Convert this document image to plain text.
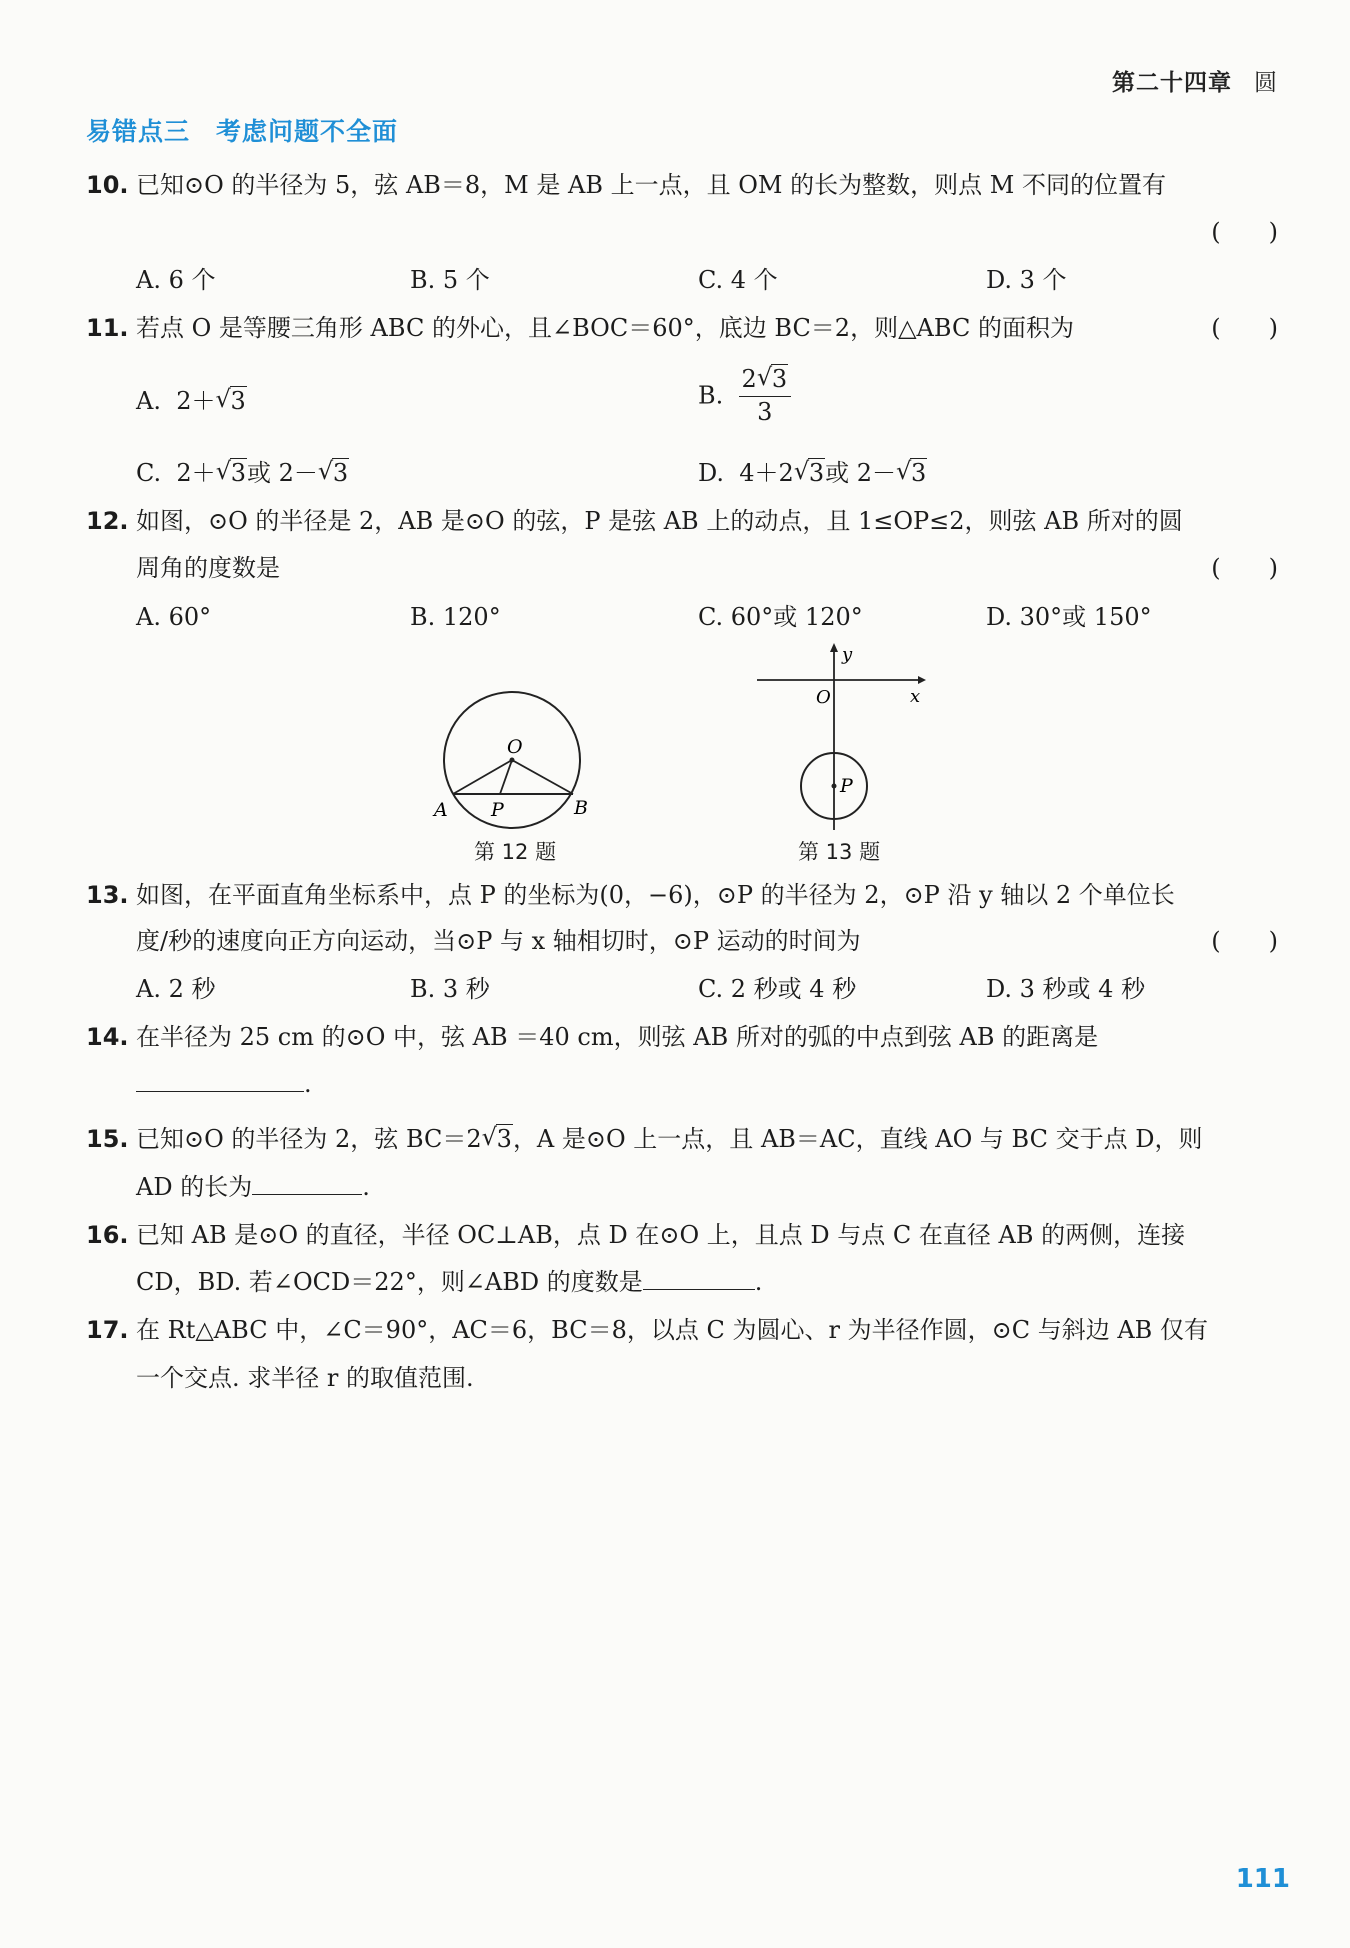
第二十四章 圆
易错点三 考虑问题不全面
10. 已知⊙O 的半径为 5，弦 AB＝8，M 是 AB 上一点，且 OM 的长为整数，则点 M 不同的位置有
(　　)
A. 6 个	B. 5 个	C. 4 个	D. 3 个
11. 若点 O 是等腰三角形 ABC 的外心，且∠BOC＝60°，底边 BC＝2，则△ABC 的面积为	(　　)
A. 2＋ √ 3	B. $\frac{2 √ 3}{3}$
C. 2＋ √ 3或 2－ √ 3	D. 4＋2 √ 3或 2－ √ 3
12. 如图，⊙O 的半径是 2，AB 是⊙O 的弦，P 是弦 AB 上的动点，且 1≤OP≤2，则弦 AB 所对的圆
周角的度数是	(　　)
A. 60°	B. 120°	C. 60°或 120°	D. 30°或 150°
O
A P	B
第 12 题
y
x
O
P
第 13 题
13. 如图，在平面直角坐标系中，点 P 的坐标为(0，−6)，⊙P 的半径为 2，⊙P 沿 y 轴以 2 个单位长
度/秒的速度向正方向运动，当⊙P 与 x 轴相切时，⊙P 运动的时间为	(　　)
A. 2 秒	B. 3 秒	C. 2 秒或 4 秒	D. 3 秒或 4 秒
14. 在半径为 25 cm 的⊙O 中，弦 AB ＝40 cm，则弦 AB 所对的弧的中点到弦 AB 的距离是
.
15. 已知⊙O 的半径为 2，弦 BC＝2 √ 3，A 是⊙O 上一点，且 AB＝AC，直线 AO 与 BC 交于点 D，则
AD 的长为	.
16. 已知 AB 是⊙O 的直径，半径 OC⊥AB，点 D 在⊙O 上，且点 D 与点 C 在直径 AB 的两侧，连接
CD，BD. 若∠OCD＝22°，则∠ABD 的度数是	.
17. 在 Rt△ABC 中，∠C＝90°，AC＝6，BC＝8，以点 C 为圆心、r 为半径作圆，⊙C 与斜边 AB 仅有
一个交点. 求半径 r 的取值范围.
111
